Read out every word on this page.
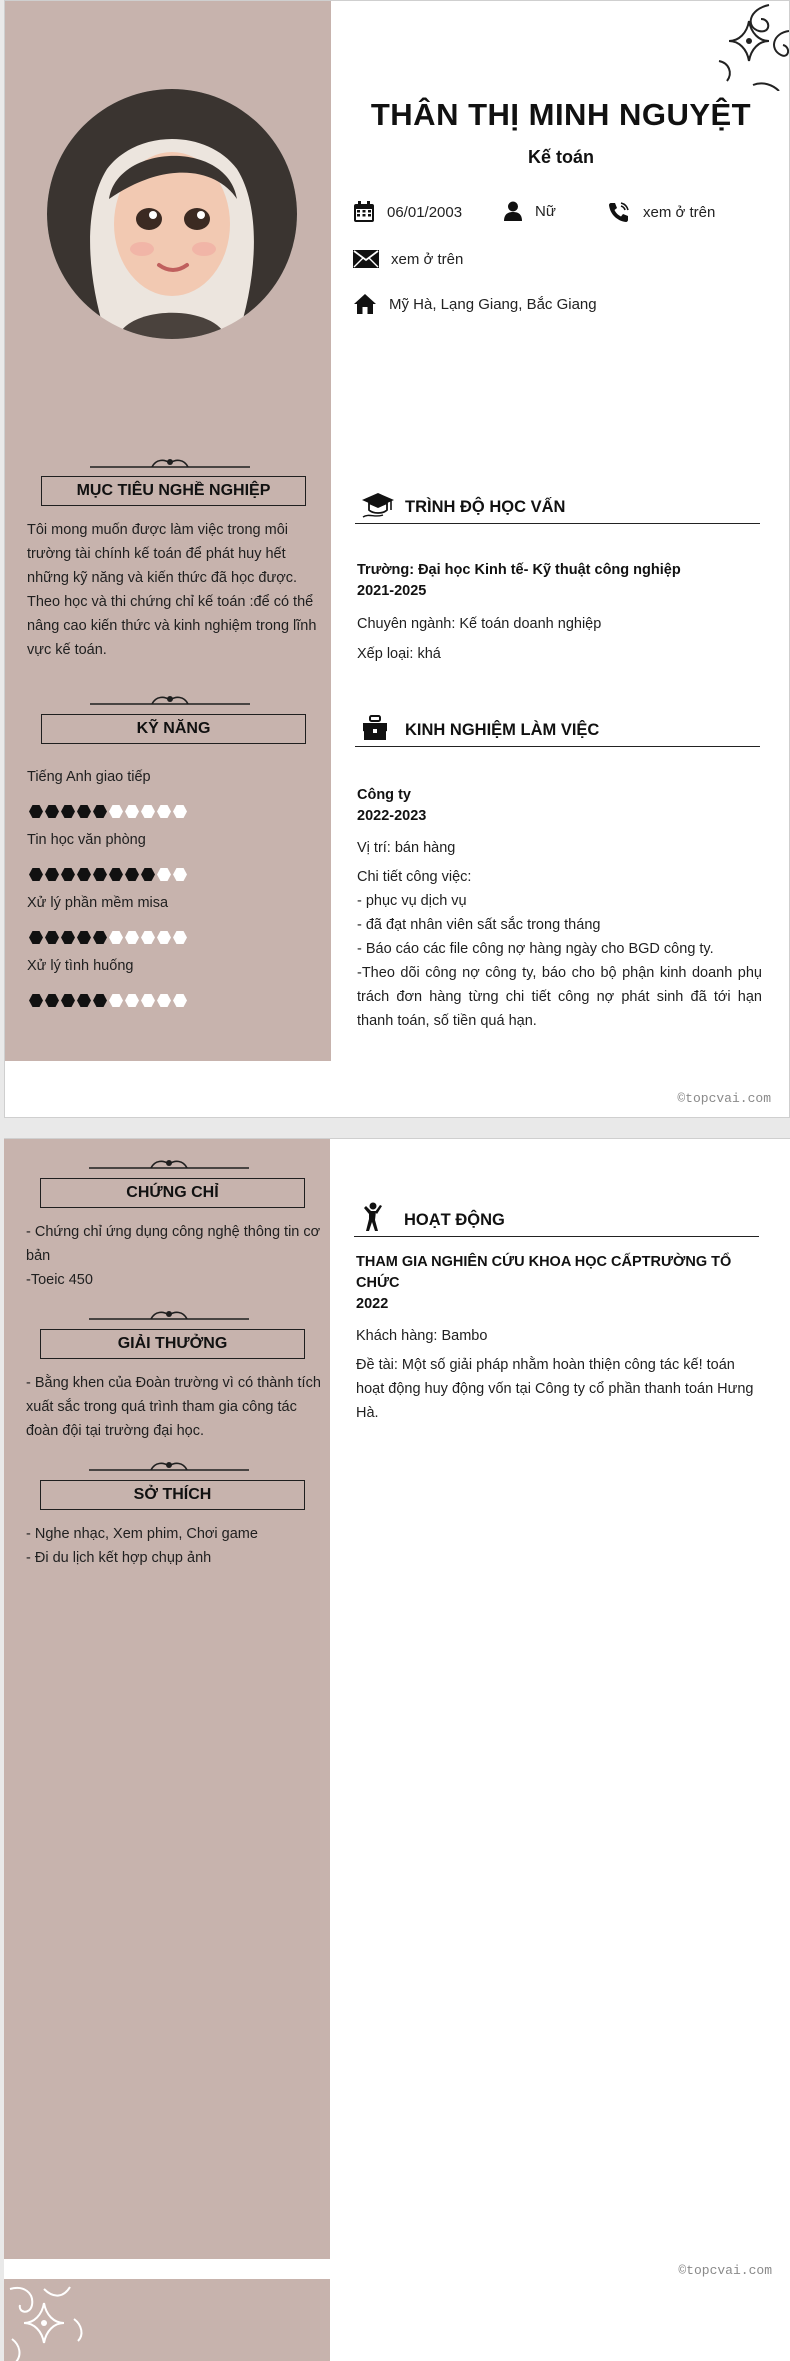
THÂN THỊ MINH NGUYỆT
Kế toán
06/01/2003	Nữ	xem ở trên
xem ở trên
Mỹ Hà, Lạng Giang, Bắc Giang
MỤC TIÊU NGHỀ NGHIỆP
Tôi mong muốn được làm việc trong môi trường tài chính kế toán để phát huy hết những kỹ năng và kiến thức đã học được. Theo học và thi chứng chỉ kế toán :để có thể nâng cao kiến thức và kinh nghiệm trong lĩnh vực kế toán.
KỸ NĂNG
Tiếng Anh giao tiếp
Tin học văn phòng
Xử lý phần mềm misa
Xử lý tình huống
TRÌNH ĐỘ HỌC VẤN
Trường: Đại học Kinh tế- Kỹ thuật công nghiệp
2021-2025
Chuyên ngành: Kế toán doanh nghiệp
Xếp loại: khá
KINH NGHIỆM LÀM VIỆC
Công ty
2022-2023
Vị trí: bán hàng
Chi tiết công việc:
- phục vụ dịch vụ
- đã đạt nhân viên sất sắc trong tháng
- Báo cáo các file công nợ hàng ngày cho BGD công ty.
-Theo dõi công nợ công ty, báo cho bộ phận kinh doanh phụ trách đơn hàng từng chi tiết công nợ phát sinh đã tới hạn thanh toán, số tiền quá hạn.
©topcvai.com
CHỨNG CHỈ
- Chứng chỉ ứng dụng công nghệ thông tin cơ bản
-Toeic 450
GIẢI THƯỞNG
- Bằng khen của Đoàn trường vì có thành tích xuất sắc trong quá trình tham gia công tác đoàn đội tại trường đại học.
SỞ THÍCH
- Nghe nhạc, Xem phim, Chơi game
- Đi du lịch kết hợp chụp ảnh
HOẠT ĐỘNG
THAM GIA NGHIÊN CỨU KHOA HỌC CẤPTRƯỜNG TỔ CHỨC
2022
Khách hàng: Bambo
Đề tài: Một số giải pháp nhằm hoàn thiện công tác kế! toán hoạt động huy động vốn tại Công ty cổ phần thanh toán Hưng Hà.
©topcvai.com
